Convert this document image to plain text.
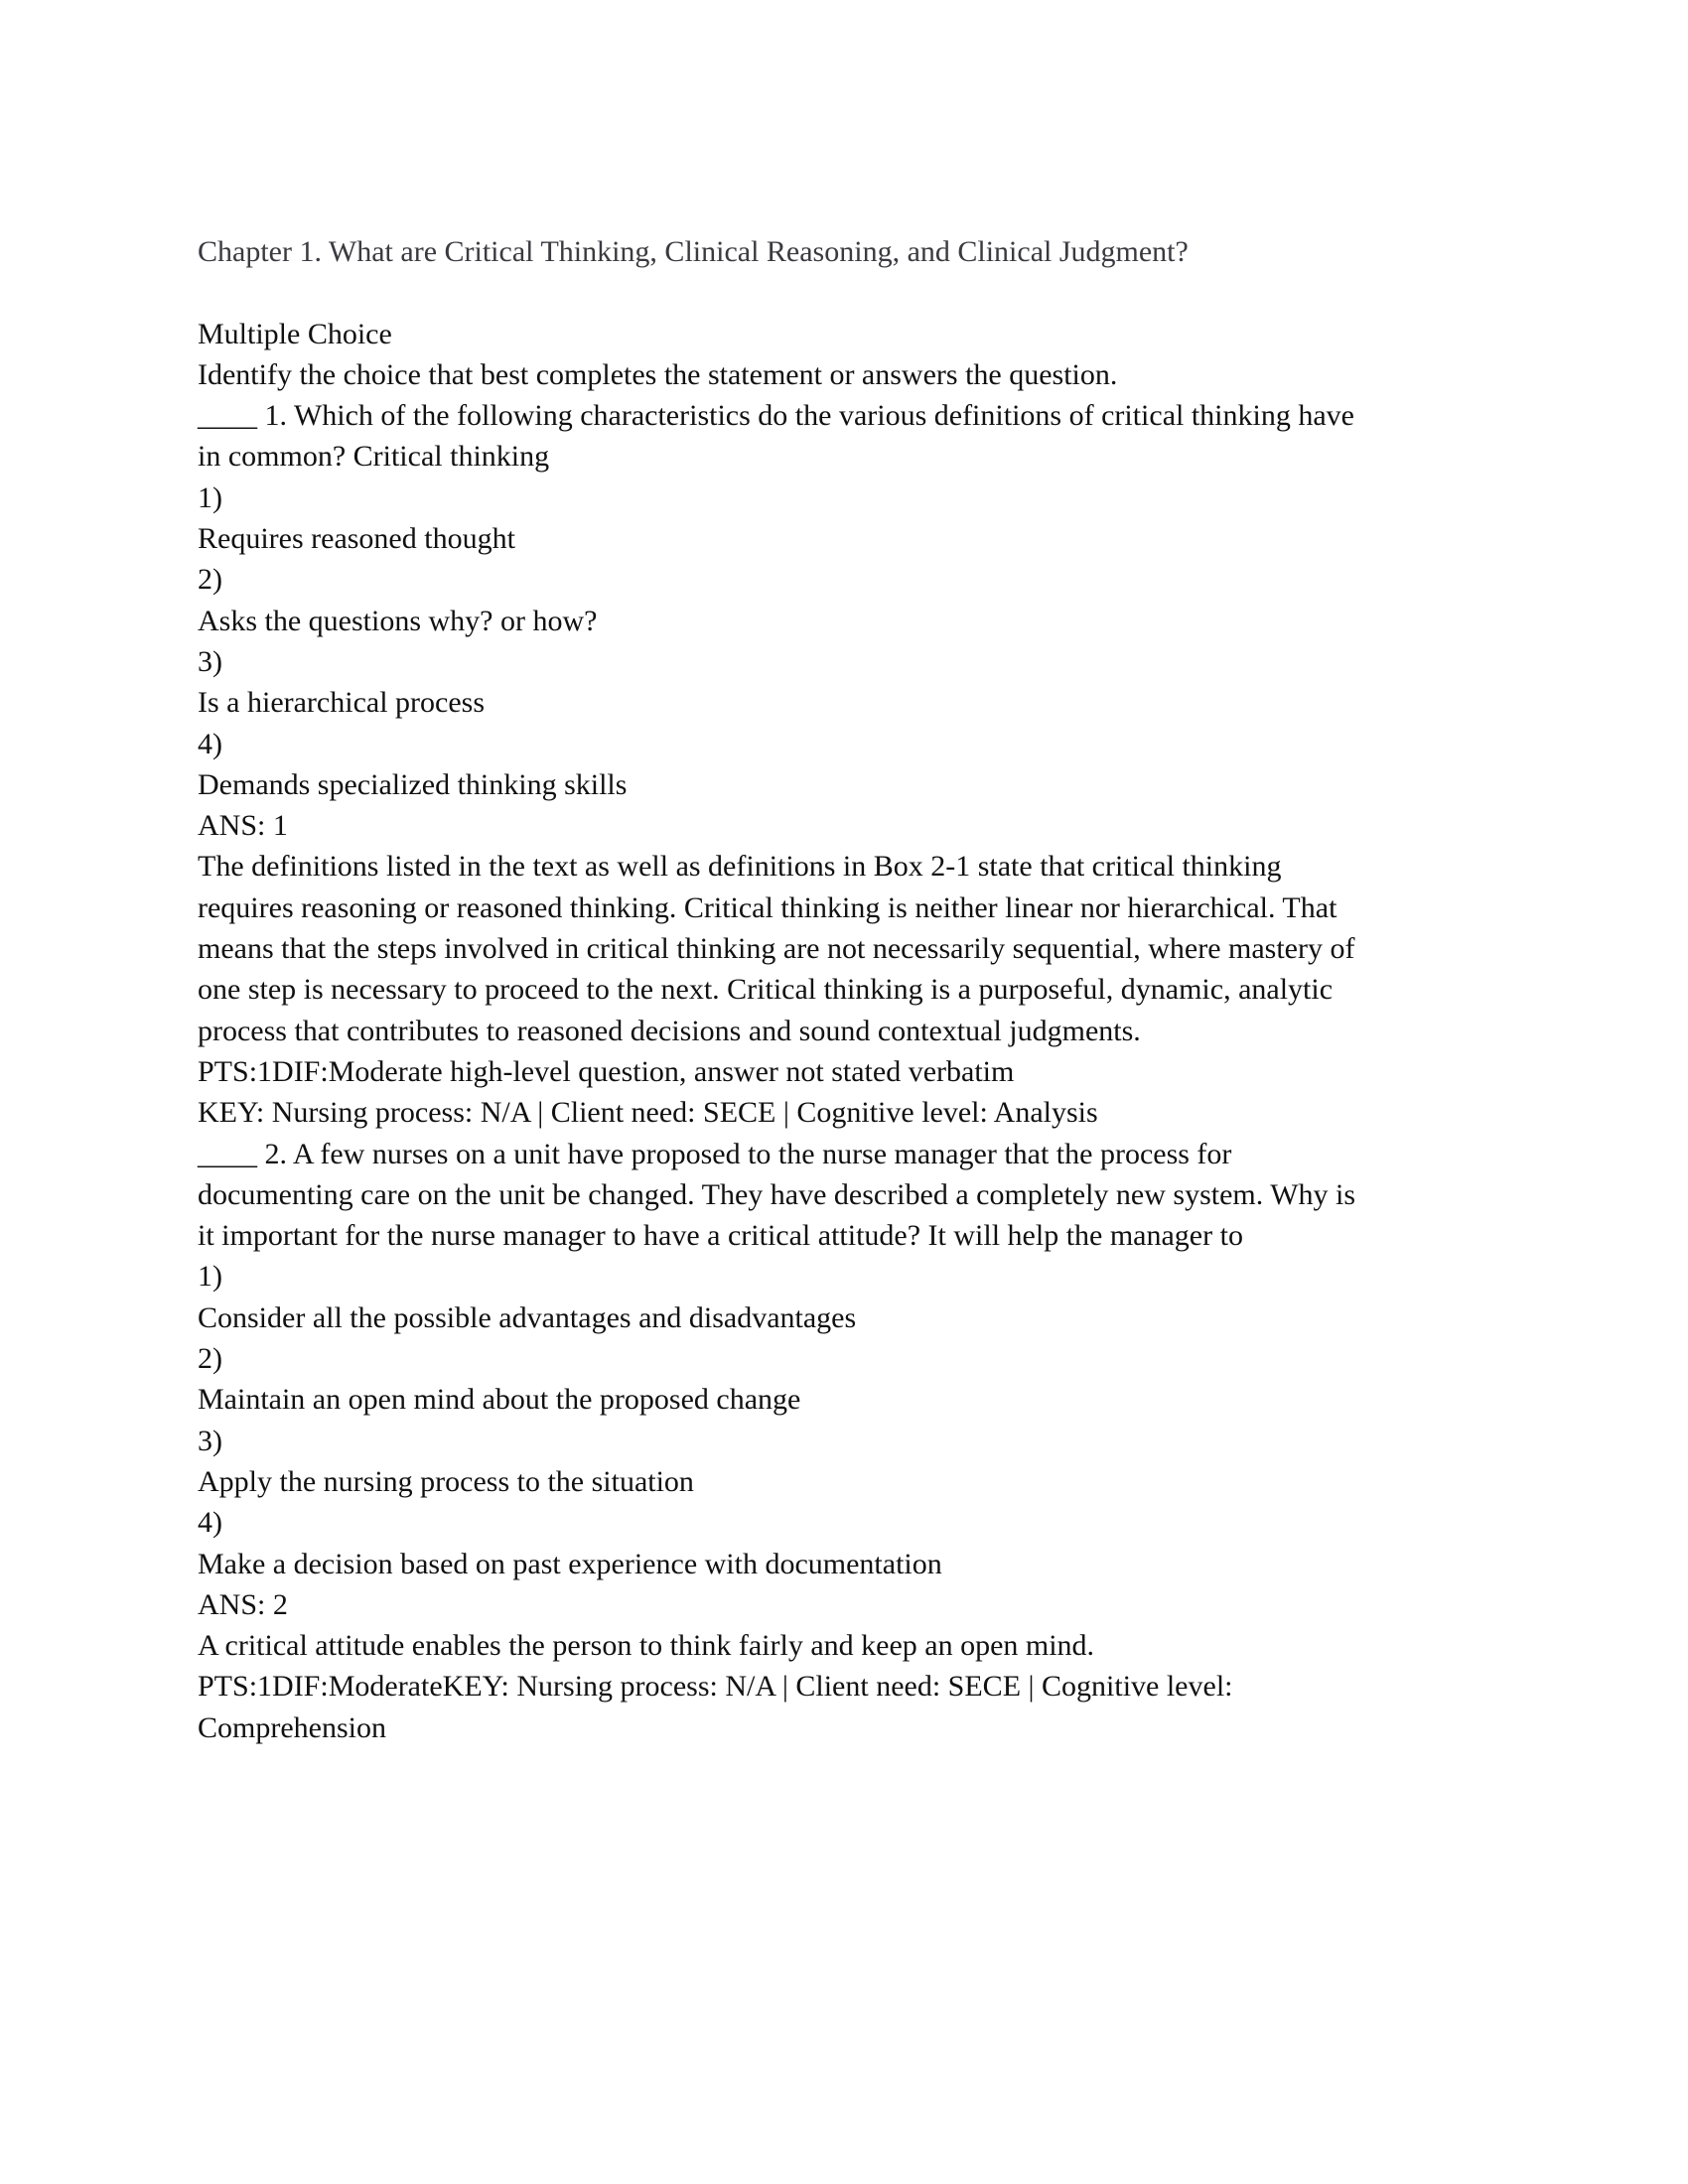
Chapter 1. What are Critical Thinking, Clinical Reasoning, and Clinical Judgment?
Multiple Choice
Identify the choice that best completes the statement or answers the question.
____ 1. Which of the following characteristics do the various definitions of critical thinking have
in common? Critical thinking
1)
Requires reasoned thought
2)
Asks the questions why? or how?
3)
Is a hierarchical process
4)
Demands specialized thinking skills
ANS: 1
The definitions listed in the text as well as definitions in Box 2-1 state that critical thinking
requires reasoning or reasoned thinking. Critical thinking is neither linear nor hierarchical. That
means that the steps involved in critical thinking are not necessarily sequential, where mastery of
one step is necessary to proceed to the next. Critical thinking is a purposeful, dynamic, analytic
process that contributes to reasoned decisions and sound contextual judgments.
PTS:1DIF:Moderate high-level question, answer not stated verbatim
KEY: Nursing process: N/A | Client need: SECE | Cognitive level: Analysis
____ 2. A few nurses on a unit have proposed to the nurse manager that the process for
documenting care on the unit be changed. They have described a completely new system. Why is
it important for the nurse manager to have a critical attitude? It will help the manager to
1)
Consider all the possible advantages and disadvantages
2)
Maintain an open mind about the proposed change
3)
Apply the nursing process to the situation
4)
Make a decision based on past experience with documentation
ANS: 2
A critical attitude enables the person to think fairly and keep an open mind.
PTS:1DIF:ModerateKEY: Nursing process: N/A | Client need: SECE | Cognitive level:
Comprehension
